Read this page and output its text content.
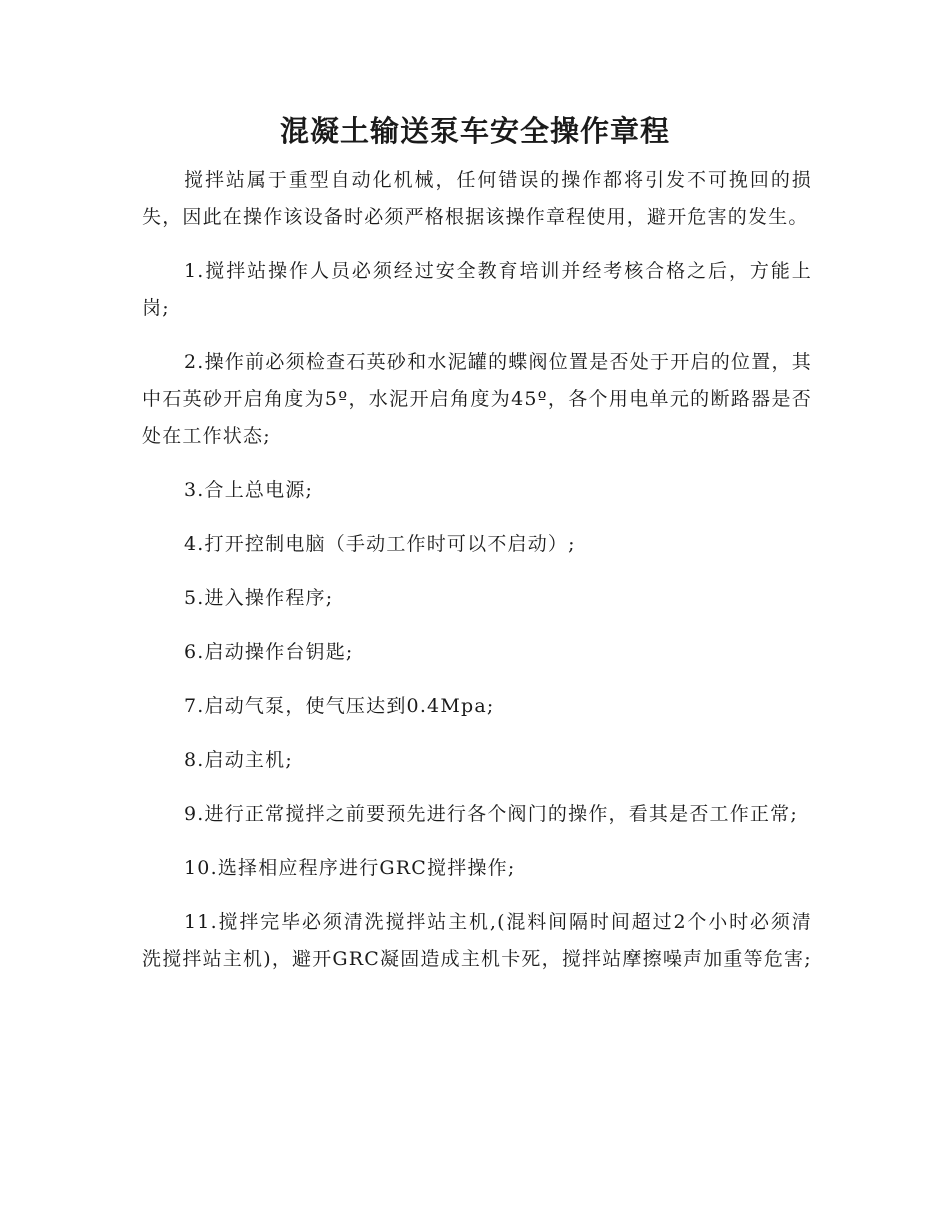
混凝土输送泵车安全操作章程

搅拌站属于重型自动化机械，任何错误的操作都将引发不可挽回的损失，因此在操作该设备时必须严格根据该操作章程使用，避开危害的发生。

1.搅拌站操作人员必须经过安全教育培训并经考核合格之后，方能上岗;

2.操作前必须检查石英砂和水泥罐的蝶阀位置是否处于开启的位置，其中石英砂开启角度为5º，水泥开启角度为45º，各个用电单元的断路器是否处在工作状态;

3.合上总电源;

4.打开控制电脑（手动工作时可以不启动）;

5.进入操作程序;

6.启动操作台钥匙;

7.启动气泵，使气压达到0.4Mpa;

8.启动主机;

9.进行正常搅拌之前要预先进行各个阀门的操作，看其是否工作正常;

10.选择相应程序进行GRC搅拌操作;

11.搅拌完毕必须清洗搅拌站主机,(混料间隔时间超过2个小时必须清洗搅拌站主机)，避开GRC凝固造成主机卡死，搅拌站摩擦噪声加重等危害;
